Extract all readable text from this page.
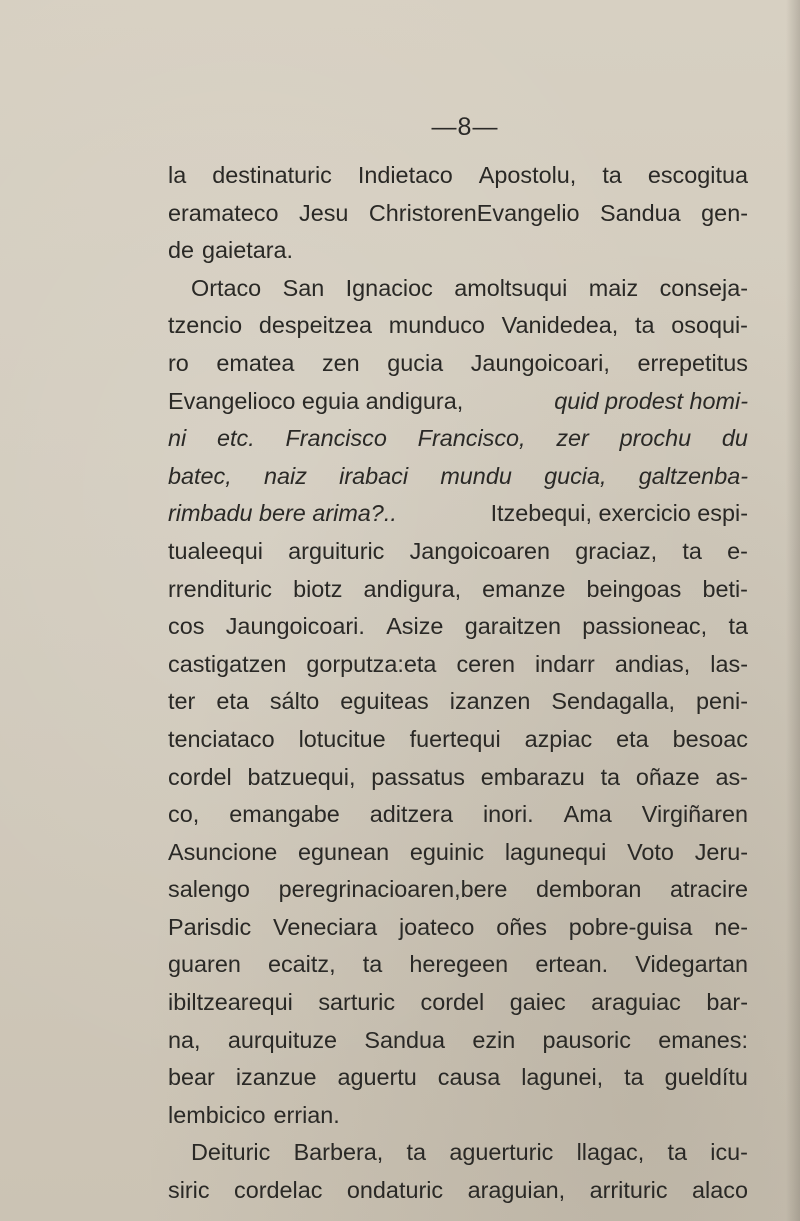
—8—
la destinaturic Indietaco Apostolu, ta escogitua
eramateco Jesu ChristorenEvangelio Sandua gen-
de gaietara.
Ortaco San Ignacioc amoltsuqui maiz conseja-
tzencio despeitzea munduco Vanidedea, ta osoqui-
ro ematea zen gucia Jaungoicoari, errepetitus
Evangelioco eguia andigura,	quid prodest homi-
ni etc. Francisco Francisco, zer prochu du
batec, naiz irabaci mundu gucia, galtzenba-
rimbadu bere arima?..	Itzebequi, exercicio espi-
tualeequi arguituric Jangoicoaren graciaz, ta e-
rrendituric biotz andigura, emanze beingoas beti-
cos Jaungoicoari. Asize garaitzen passioneac, ta
castigatzen gorputza:eta ceren indarr andias, las-
ter eta sálto eguiteas izanzen Sendagalla, peni-
tenciataco lotucitue fuertequi azpiac eta besoac
cordel batzuequi, passatus embarazu ta oñaze as-
co, emangabe aditzera inori. Ama Virgiñaren
Asuncione egunean eguinic lagunequi Voto Jeru-
salengo peregrinacioaren,bere demboran atracire
Parisdic Veneciara joateco oñes pobre-guisa ne-
guaren ecaitz, ta heregeen ertean. Videgartan
ibiltzearequi sarturic cordel gaiec araguiac bar-
na, aurquituze Sandua ezin pausoric emanes:
bear izanzue aguertu causa lagunei, ta gueldítu
lembicico errian.
Deituric Barbera, ta aguerturic llagac, ta icu-
siric cordelac ondaturic araguian, arrituric alaco
